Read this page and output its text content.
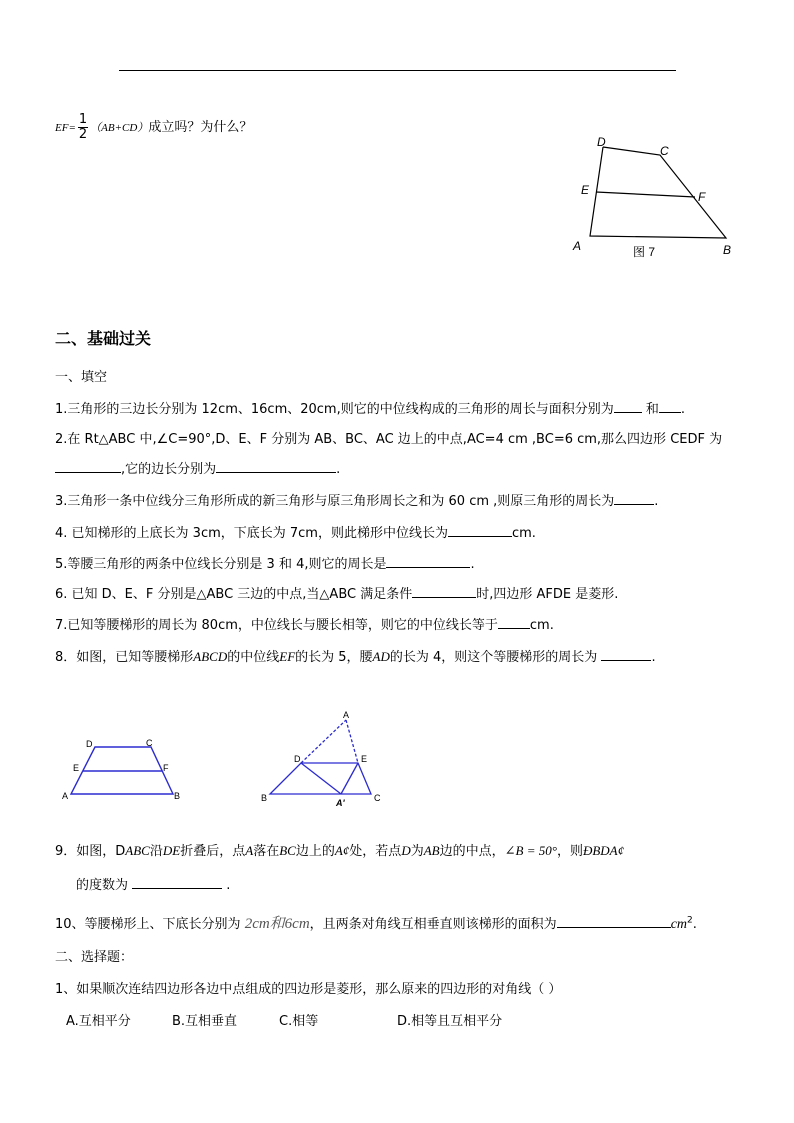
$EF= \frac{1}{2} (AB+CD)$成立吗？为什么？
D
C
E	F
A	B
图 7
二、基础过关
一、填空
1.三角形的三边长分别为 12cm、16cm、20cm,则它的中位线构成的三角形的周长与面积分别为 和 .
2.在 Rt△ABC 中,∠C=90°,D、E、F 分别为 AB、BC、AC 边上的中点,AC=4 cm ,BC=6 cm,那么四边形 CEDF 为
,它的边长分别为	.
3.三角形一条中位线分三角形所成的新三角形与原三角形周长之和为 60 cm ,则原三角形的周长为	.
4. 已知梯形的上底长为 3cm，下底长为 7cm，则此梯形中位线长为	cm.
5.等腰三角形的两条中位线长分别是 3 和 4,则它的周长是	.
6. 已知 D、E、F 分别是△ABC 三边的中点,当△ABC 满足条件	时,四边形 AFDE 是菱形.
7.已知等腰梯形的周长为 80cm，中位线长与腰长相等，则它的中位线长等于 cm.
8．如图，已知等腰梯形ABCD的中位线EF的长为 5，腰AD的长为 4，则这个等腰梯形的周长为	.
D	C
E	F
A	B
A
D	E
B	A'	C
9．如图，DABC沿DE折叠后，点A落在BC边上的A¢处，若点D为AB边的中点，∠B = 50°，则ÐBDA¢
的度数为	.
10、等腰梯形上、下底长分别为 2cm和6cm，且两条对角线互相垂直则该梯形的面积为	$cm^2$.
二、选择题：
1、如果顺次连结四边形各边中点组成的四边形是菱形，那么原来的四边形的对角线（ ）
A.互相平分	B.互相垂直	C.相等	D.相等且互相平分
